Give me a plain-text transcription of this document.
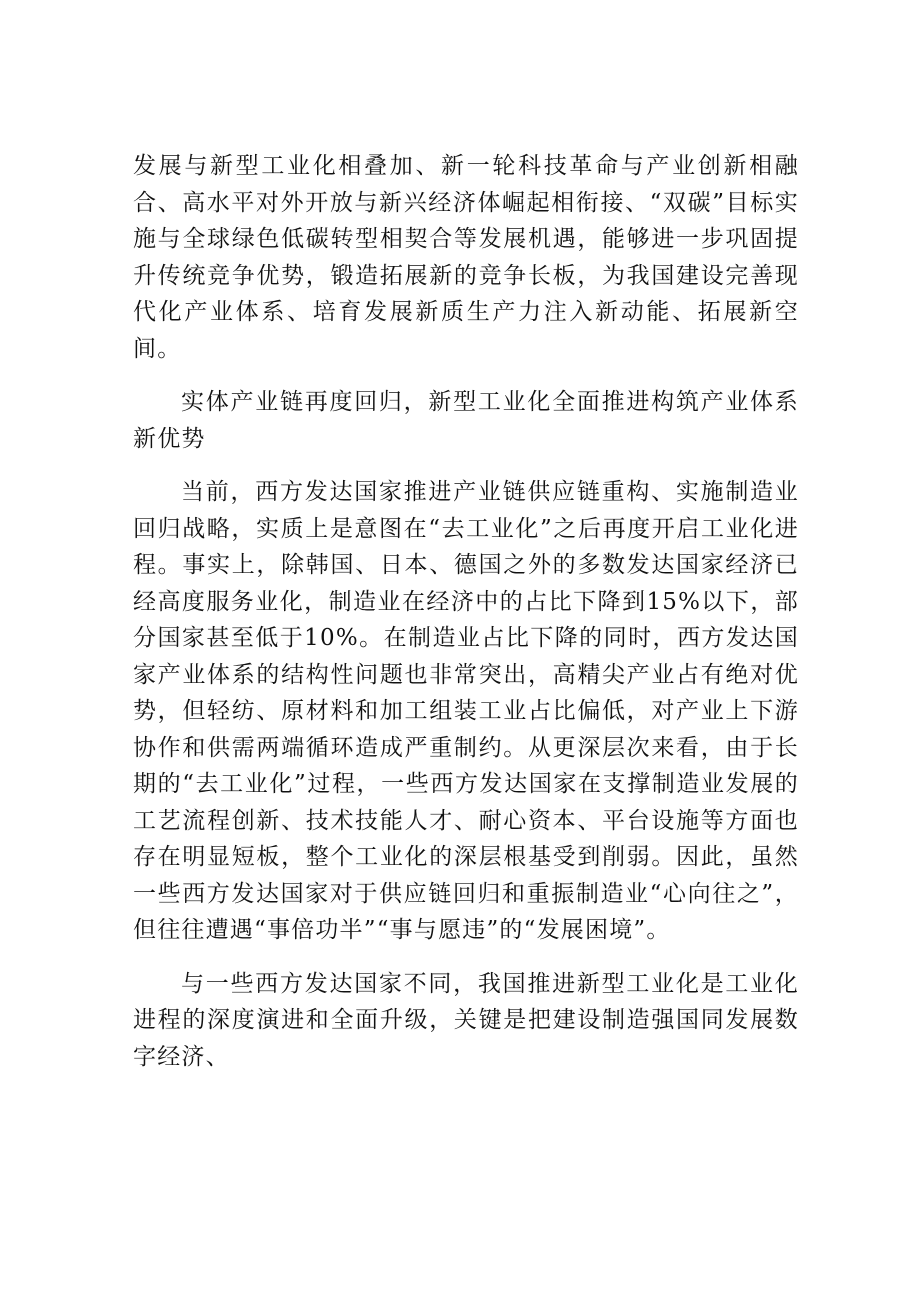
发展与新型工业化相叠加、新一轮科技革命与产业创新相融合、高水平对外开放与新兴经济体崛起相衔接、“双碳”目标实施与全球绿色低碳转型相契合等发展机遇，能够进一步巩固提升传统竞争优势，锻造拓展新的竞争长板，为我国建设完善现代化产业体系、培育发展新质生产力注入新动能、拓展新空间。

实体产业链再度回归，新型工业化全面推进构筑产业体系新优势

当前，西方发达国家推进产业链供应链重构、实施制造业回归战略，实质上是意图在“去工业化”之后再度开启工业化进程。事实上，除韩国、日本、德国之外的多数发达国家经济已经高度服务业化，制造业在经济中的占比下降到15%以下，部分国家甚至低于10%。在制造业占比下降的同时，西方发达国家产业体系的结构性问题也非常突出，高精尖产业占有绝对优势，但轻纺、原材料和加工组装工业占比偏低，对产业上下游协作和供需两端循环造成严重制约。从更深层次来看，由于长期的“去工业化”过程，一些西方发达国家在支撑制造业发展的工艺流程创新、技术技能人才、耐心资本、平台设施等方面也存在明显短板，整个工业化的深层根基受到削弱。因此，虽然一些西方发达国家对于供应链回归和重振制造业“心向往之”，但往往遭遇“事倍功半”“事与愿违”的“发展困境”。

与一些西方发达国家不同，我国推进新型工业化是工业化进程的深度演进和全面升级，关键是把建设制造强国同发展数字经济、
